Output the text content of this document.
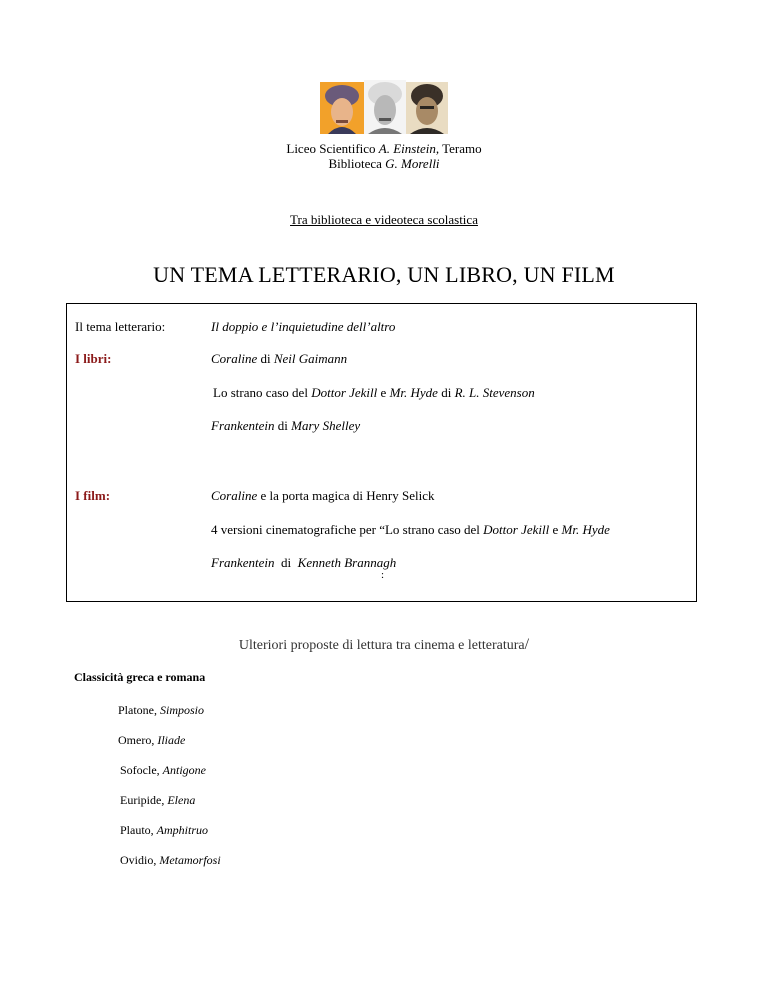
Liceo Scientifico A. Einstein, Teramo
Biblioteca G. Morelli
Tra biblioteca e videoteca scolastica
UN TEMA LETTERARIO, UN LIBRO, UN FILM
Il tema letterario:	Il doppio e l’inquietudine dell’altro
I libri:	Coraline di Neil Gaimann
Lo strano caso del Dottor Jekill e Mr. Hyde di R. L. Stevenson
Frankentein di Mary Shelley
I film:	Coraline e la porta magica di Henry Selick
4 versioni cinematografiche per “Lo strano caso del Dottor Jekill e Mr. Hyde
Frankentein  di  Kenneth Brannagh
:
Ulteriori proposte di lettura tra cinema e letteratura/
Classicità greca e romana
Platone, Simposio
Omero, Iliade
Sofocle, Antigone
Euripide, Elena
Plauto, Amphitruo
Ovidio, Metamorfosi
